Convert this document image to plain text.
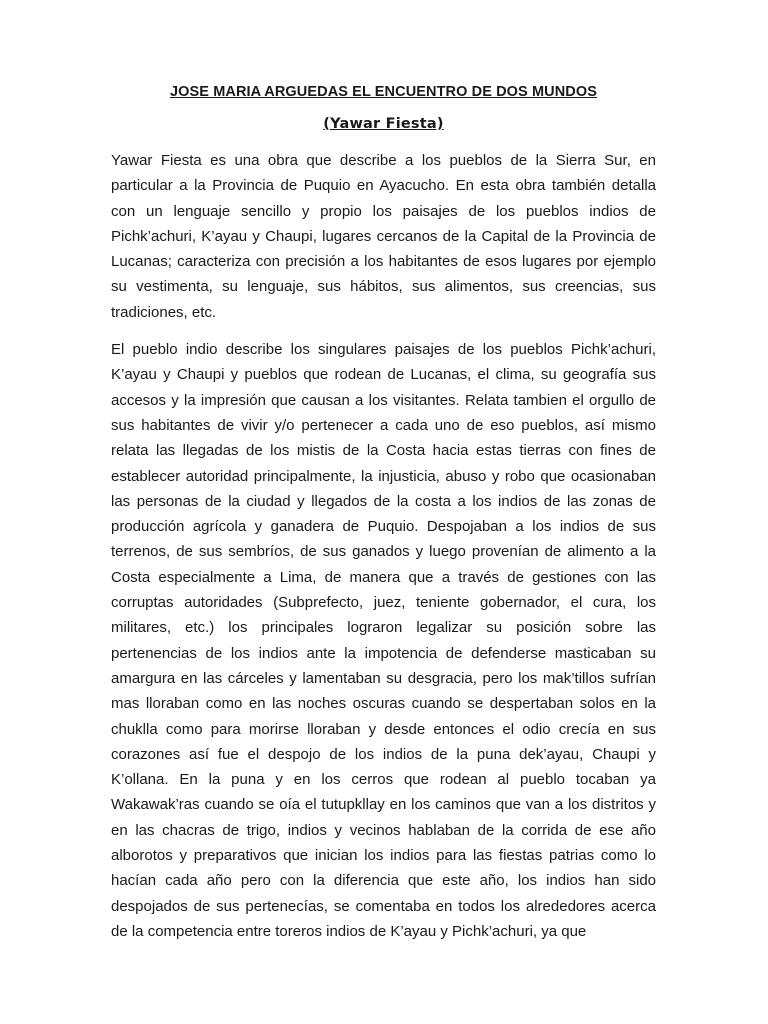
JOSE MARIA ARGUEDAS EL ENCUENTRO DE DOS MUNDOS
(Yawar Fiesta)

Yawar Fiesta es una obra que describe a los pueblos de la Sierra Sur, en particular a la Provincia de Puquio en Ayacucho. En esta obra también detalla con un lenguaje sencillo y propio los paisajes de los pueblos indios de Pichk’achuri, K’ayau y Chaupi, lugares cercanos de la Capital de la Provincia de Lucanas; caracteriza con precisión a los habitantes de esos lugares por ejemplo su vestimenta, su lenguaje, sus hábitos, sus alimentos, sus creencias, sus tradiciones, etc.

El pueblo indio describe los singulares paisajes de los pueblos Pichk’achuri, K’ayau y Chaupi y pueblos que rodean de Lucanas, el clima, su geografía sus accesos y la impresión que causan a los visitantes. Relata tambien el orgullo de sus habitantes de vivir y/o pertenecer a cada uno de eso pueblos, así mismo relata las llegadas de los mistis de la Costa hacia estas tierras con fines de establecer autoridad principalmente, la injusticia, abuso y robo que ocasionaban las personas de la ciudad y llegados de la costa a los indios de las zonas de producción agrícola y ganadera de Puquio. Despojaban a los indios de sus terrenos, de sus sembríos, de sus ganados y luego provenían de alimento a la Costa especialmente a Lima, de manera que a través de gestiones con las corruptas autoridades (Subprefecto, juez, teniente gobernador, el cura, los militares, etc.) los principales lograron legalizar su posición sobre las pertenencias de los indios ante la impotencia de defenderse masticaban su amargura en las cárceles y lamentaban su desgracia, pero los mak’tillos sufrían mas lloraban como en las noches oscuras cuando se despertaban solos en la chuklla como para morirse lloraban y desde entonces el odio crecía en sus corazones así fue el despojo de los indios de la puna dek’ayau, Chaupi y K’ollana. En la puna y en los cerros que rodean al pueblo tocaban ya Wakawak’ras cuando se oía el tutupkllay en los caminos que van a los distritos y en las chacras de trigo, indios y vecinos hablaban de la corrida de ese año alborotos y preparativos que inician los indios para las fiestas patrias como lo hacían cada año pero con la diferencia que este año, los indios han sido despojados de sus pertenecías, se comentaba en todos los alrededores acerca de la competencia entre toreros indios de K’ayau y Pichk’achuri, ya que
